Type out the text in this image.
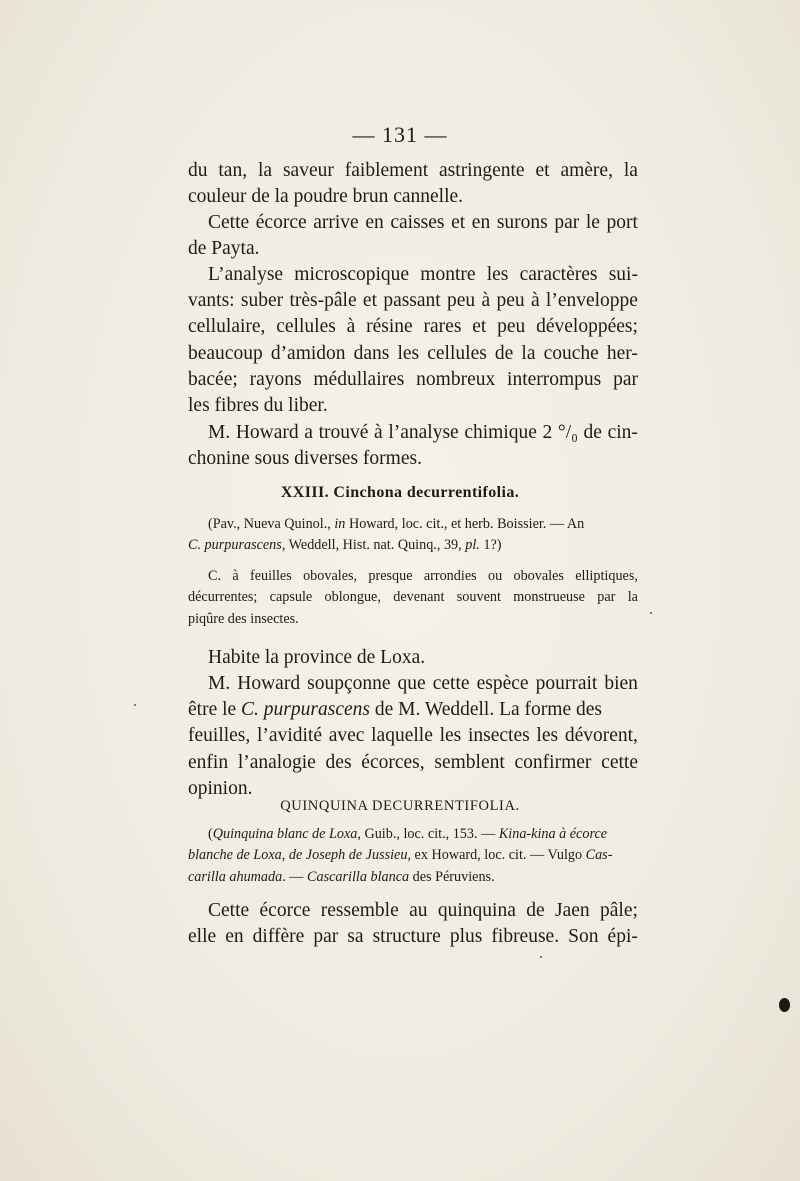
— 131 —
du tan, la saveur faiblement astringente et amère, la
couleur de la poudre brun cannelle.
Cette écorce arrive en caisses et en surons par le port
de Payta.
L’analyse microscopique montre les caractères sui-
vants: suber très-pâle et passant peu à peu à l’enveloppe
cellulaire, cellules à résine rares et peu développées;
beaucoup d’amidon dans les cellules de la couche her-
bacée; rayons médullaires nombreux interrompus par
les fibres du liber.
M. Howard a trouvé à l’analyse chimique 2 °/₀ de cin-
chonine sous diverses formes.
XXIII. Cinchona decurrentifolia.
(Pav., Nueva Quinol., in Howard, loc. cit., et herb. Boissier. — An
C. purpurascens, Weddell, Hist. nat. Quinq., 39, pl. 1?)
C. à feuilles obovales, presque arrondies ou obovales elliptiques,
décurrentes; capsule oblongue, devenant souvent monstrueuse par la
piqûre des insectes.
Habite la province de Loxa.
M. Howard soupçonne que cette espèce pourrait bien
être le C. purpurascens de M. Weddell. La forme des
feuilles, l’avidité avec laquelle les insectes les dévorent,
enfin l’analogie des écorces, semblent confirmer cette
opinion.
QUINQUINA DECURRENTIFOLIA.
(Quinquina blanc de Loxa, Guib., loc. cit., 153. — Kina-kina à écorce
blanche de Loxa, de Joseph de Jussieu, ex Howard, loc. cit. — Vulgo Cas-
carilla ahumada. — Cascarilla blanca des Péruviens.
Cette écorce ressemble au quinquina de Jaen pâle;
elle en diffère par sa structure plus fibreuse. Son épi-
